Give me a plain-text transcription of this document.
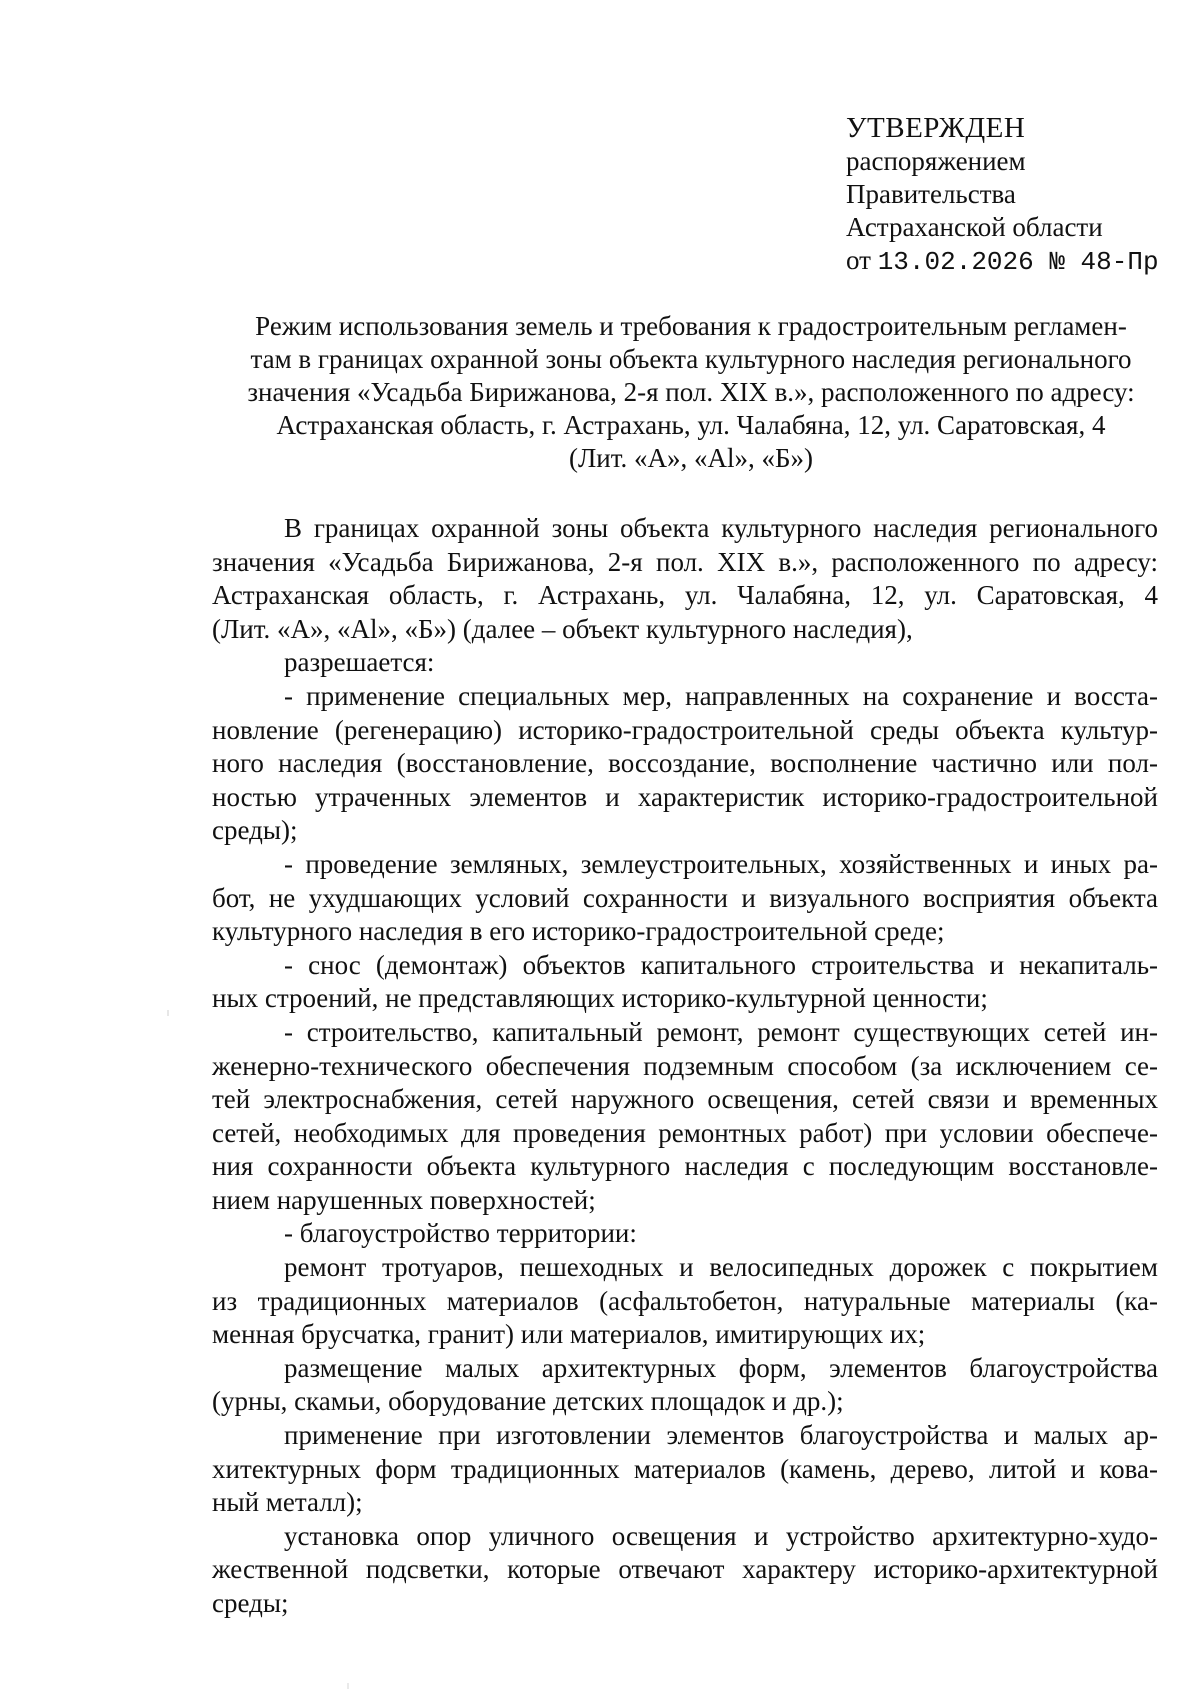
УТВЕРЖДЕН
распоряжением
Правительства
Астраханской области
от 13.02.2026 № 48-Пр
Режим использования земель и требования к градостроительным регламен-
там в границах охранной зоны объекта культурного наследия регионального
значения «Усадьба Бирижанова, 2-я пол. XIX в.», расположенного по адресу:
Астраханская область, г. Астрахань, ул. Чалабяна, 12, ул. Саратовская, 4
(Лит. «А», «Аl», «Б»)
В границах охранной зоны объекта культурного наследия регионального
значения «Усадьба Бирижанова, 2-я пол. XIX в.», расположенного по адресу:
Астраханская область, г. Астрахань, ул. Чалабяна, 12, ул. Саратовская, 4
(Лит. «А», «Аl», «Б») (далее – объект культурного наследия),
разрешается:
- применение специальных мер, направленных на сохранение и восста-
новление (регенерацию) историко-градостроительной среды объекта культур-
ного наследия (восстановление, воссоздание, восполнение частично или пол-
ностью утраченных элементов и характеристик историко-градостроительной
среды);
- проведение земляных, землеустроительных, хозяйственных и иных ра-
бот, не ухудшающих условий сохранности и визуального восприятия объекта
культурного наследия в его историко-градостроительной среде;
- снос (демонтаж) объектов капитального строительства и некапиталь-
ных строений, не представляющих историко-культурной ценности;
- строительство, капитальный ремонт, ремонт существующих сетей ин-
женерно-технического обеспечения подземным способом (за исключением се-
тей электроснабжения, сетей наружного освещения, сетей связи и временных
сетей, необходимых для проведения ремонтных работ) при условии обеспече-
ния сохранности объекта культурного наследия с последующим восстановле-
нием нарушенных поверхностей;
- благоустройство территории:
ремонт тротуаров, пешеходных и велосипедных дорожек с покрытием
из традиционных материалов (асфальтобетон, натуральные материалы (ка-
менная брусчатка, гранит) или материалов, имитирующих их;
размещение малых архитектурных форм, элементов благоустройства
(урны, скамьи, оборудование детских площадок и др.);
применение при изготовлении элементов благоустройства и малых ар-
хитектурных форм традиционных материалов (камень, дерево, литой и кова-
ный металл);
установка опор уличного освещения и устройство архитектурно-худо-
жественной подсветки, которые отвечают характеру историко-архитектурной
среды;
